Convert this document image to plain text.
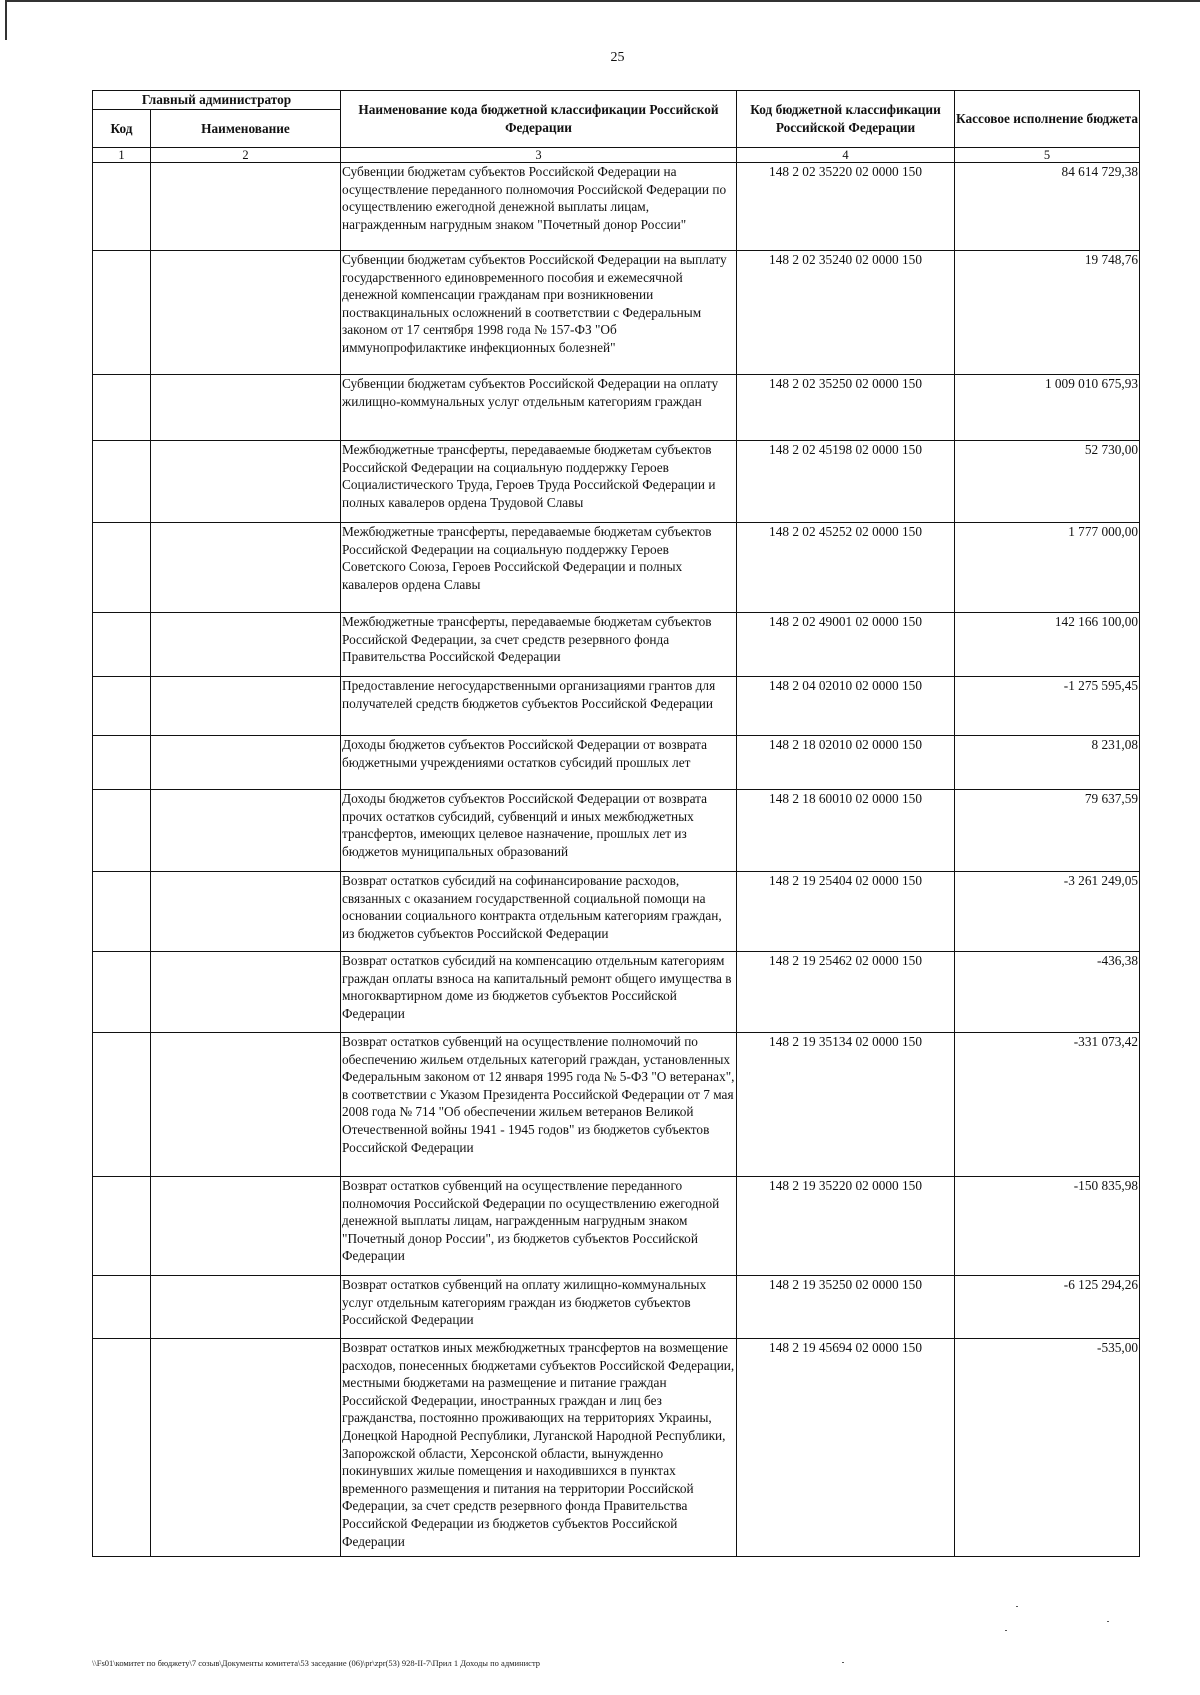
25
Главный администратор		Наименование кода бюджетной классификации Российской Федерации	Код бюджетной классификации Российской Федерации	Кассовое исполнение бюджета
Код	Наименование			
1	2	3	4	5
		Субвенции бюджетам субъектов Российской Федерации на осуществление переданного полномочия Российской Федерации по осуществлению ежегодной денежной выплаты лицам, награжденным нагрудным знаком "Почетный донор России"	148 2 02 35220 02 0000 150	84 614 729,38
		Субвенции бюджетам субъектов Российской Федерации на выплату государственного единовременного пособия и ежемесячной денежной компенсации гражданам при возникновении поствакцинальных осложнений в соответствии с Федеральным законом от 17 сентября 1998 года № 157-ФЗ "Об иммунопрофилактике инфекционных болезней"	148 2 02 35240 02 0000 150	19 748,76
		Субвенции бюджетам субъектов Российской Федерации на оплату жилищно-коммунальных услуг отдельным категориям граждан	148 2 02 35250 02 0000 150	1 009 010 675,93
		Межбюджетные трансферты, передаваемые бюджетам субъектов Российской Федерации на социальную поддержку Героев Социалистического Труда, Героев Труда Российской Федерации и полных кавалеров ордена Трудовой Славы	148 2 02 45198 02 0000 150	52 730,00
		Межбюджетные трансферты, передаваемые бюджетам субъектов Российской Федерации на социальную поддержку Героев Советского Союза, Героев Российской Федерации и полных кавалеров ордена Славы	148 2 02 45252 02 0000 150	1 777 000,00
		Межбюджетные трансферты, передаваемые бюджетам субъектов Российской Федерации, за счет средств резервного фонда Правительства Российской Федерации	148 2 02 49001 02 0000 150	142 166 100,00
		Предоставление негосударственными организациями грантов для получателей средств бюджетов субъектов Российской Федерации	148 2 04 02010 02 0000 150	-1 275 595,45
		Доходы бюджетов субъектов Российской Федерации от возврата бюджетными учреждениями остатков субсидий прошлых лет	148 2 18 02010 02 0000 150	8 231,08
		Доходы бюджетов субъектов Российской Федерации от возврата прочих остатков субсидий, субвенций и иных межбюджетных трансфертов, имеющих целевое назначение, прошлых лет из бюджетов муниципальных образований	148 2 18 60010 02 0000 150	79 637,59
		Возврат остатков субсидий на софинансирование расходов, связанных с оказанием государственной социальной помощи на основании социального контракта отдельным категориям граждан, из бюджетов субъектов Российской Федерации	148 2 19 25404 02 0000 150	-3 261 249,05
		Возврат остатков субсидий на компенсацию отдельным категориям граждан оплаты взноса на капитальный ремонт общего имущества в многоквартирном доме из бюджетов субъектов Российской Федерации	148 2 19 25462 02 0000 150	-436,38
		Возврат остатков субвенций на осуществление полномочий по обеспечению жильем отдельных категорий граждан, установленных Федеральным законом от 12 января 1995 года № 5-ФЗ "О ветеранах", в соответствии с Указом Президента Российской Федерации от 7 мая 2008 года № 714 "Об обеспечении жильем ветеранов Великой Отечественной войны 1941 - 1945 годов" из бюджетов субъектов Российской Федерации	148 2 19 35134 02 0000 150	-331 073,42
		Возврат остатков субвенций на осуществление переданного полномочия Российской Федерации по осуществлению ежегодной денежной выплаты лицам, награжденным нагрудным знаком "Почетный донор России", из бюджетов субъектов Российской Федерации	148 2 19 35220 02 0000 150	-150 835,98
		Возврат остатков субвенций на оплату жилищно-коммунальных услуг отдельным категориям граждан из бюджетов субъектов Российской Федерации	148 2 19 35250 02 0000 150	-6 125 294,26
		Возврат остатков иных межбюджетных трансфертов на возмещение расходов, понесенных бюджетами субъектов Российской Федерации, местными бюджетами на размещение и питание граждан Российской Федерации, иностранных граждан и лиц без гражданства, постоянно проживающих на территориях Украины, Донецкой Народной Республики, Луганской Народной Республики, Запорожской области, Херсонской области, вынужденно покинувших жилые помещения и находившихся в пунктах временного размещения и питания на территории Российской Федерации, за счет средств резервного фонда Правительства Российской Федерации из бюджетов субъектов Российской Федерации	148 2 19 45694 02 0000 150	-535,00
\\Fs01\комитет по бюджету\7 созыв\Документы комитета\53 заседание (06)\pr\zpr(53) 928-II-7\Прил 1 Доходы по администр
